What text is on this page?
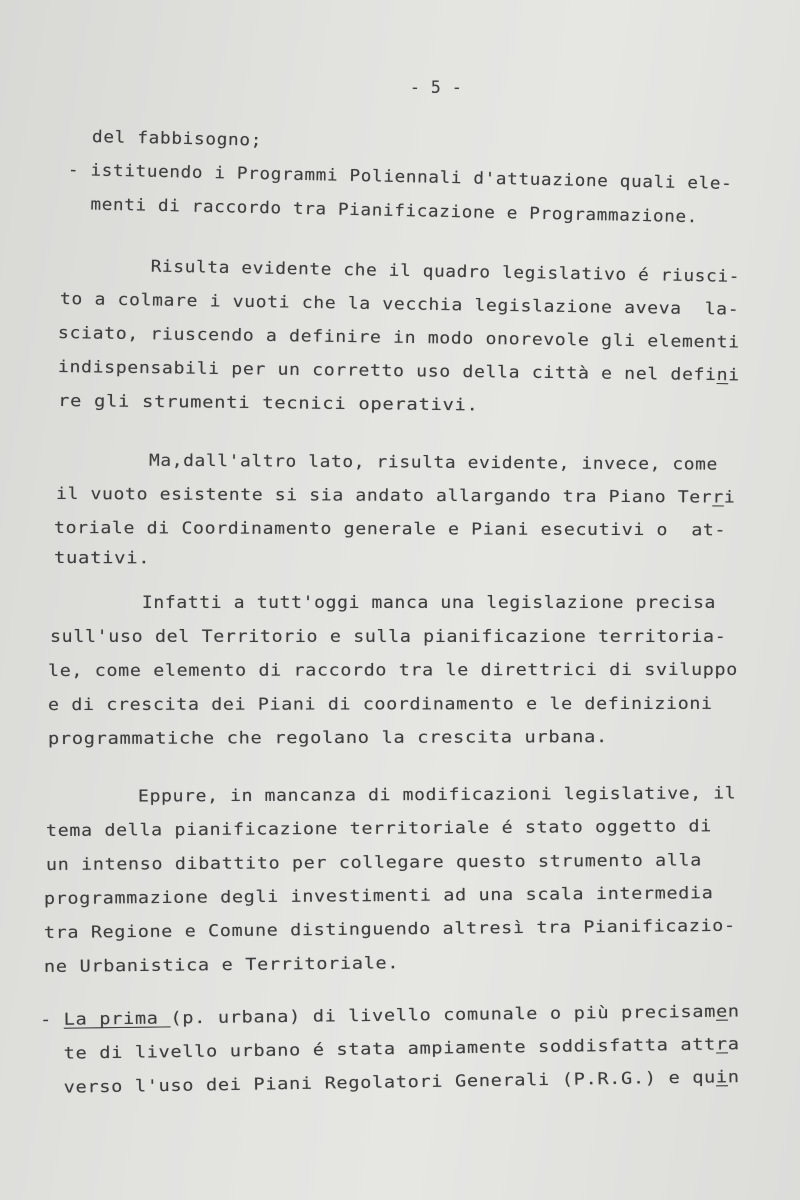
- 5 -
del fabbisogno;
- istituendo i Programmi Poliennali d'attuazione quali ele-
menti di raccordo tra Pianificazione e Programmazione.
Risulta evidente che il quadro legislativo é riusci-
to a colmare i vuoti che la vecchia legislazione aveva  la-
sciato, riuscendo a definire in modo onorevole gli elementi
indispensabili per un corretto uso della città e nel defini
re gli strumenti tecnici operativi.
Ma,dall'altro lato, risulta evidente, invece, come
il vuoto esistente si sia andato allargando tra Piano Terri
toriale di Coordinamento generale e Piani esecutivi o  at-
tuativi.
Infatti a tutt'oggi manca una legislazione precisa
sull'uso del Territorio e sulla pianificazione territoria-
le, come elemento di raccordo tra le direttrici di sviluppo
e di crescita dei Piani di coordinamento e le definizioni
programmatiche che regolano la crescita urbana.
Eppure, in mancanza di modificazioni legislative, il
tema della pianificazione territoriale é stato oggetto di
un intenso dibattito per collegare questo strumento alla
programmazione degli investimenti ad una scala intermedia
tra Regione e Comune distinguendo altresì tra Pianificazio-
ne Urbanistica e Territoriale.
- La prima (p. urbana) di livello comunale o più precisamen
te di livello urbano é stata ampiamente soddisfatta attra
verso l'uso dei Piani Regolatori Generali (P.R.G.) e quin
